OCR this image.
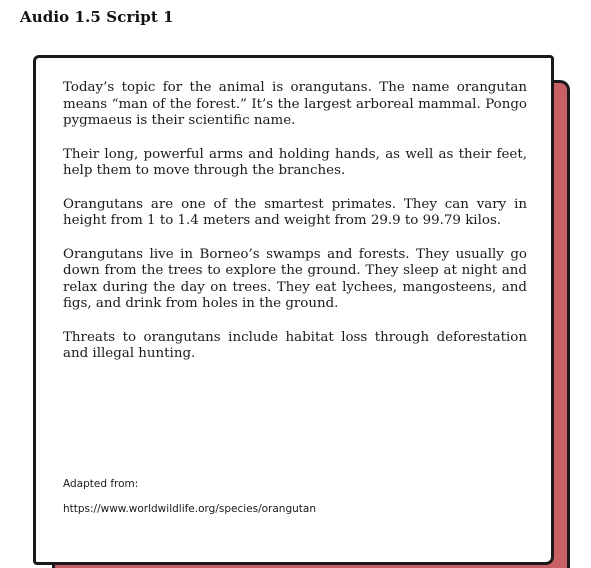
Audio 1.5 Script 1

Today’s topic for the animal is orangutans. The name orangutan means “man of the forest.” It’s the largest arboreal mammal. Pongo pygmaeus is their scientific name.

Their long, powerful arms and holding hands, as well as their feet, help them to move through the branches.

Orangutans are one of the smartest primates. They can vary in height from 1 to 1.4 meters and weight from 29.9 to 99.79 kilos.

Orangutans live in Borneo’s swamps and forests. They usually go down from the trees to explore the ground. They sleep at night and relax during the day on trees. They eat lychees, mangosteens, and figs, and drink from holes in the ground.

Threats to orangutans include habitat loss through deforestation and illegal hunting.

Adapted from:
https://www.worldwildlife.org/species/orangutan
